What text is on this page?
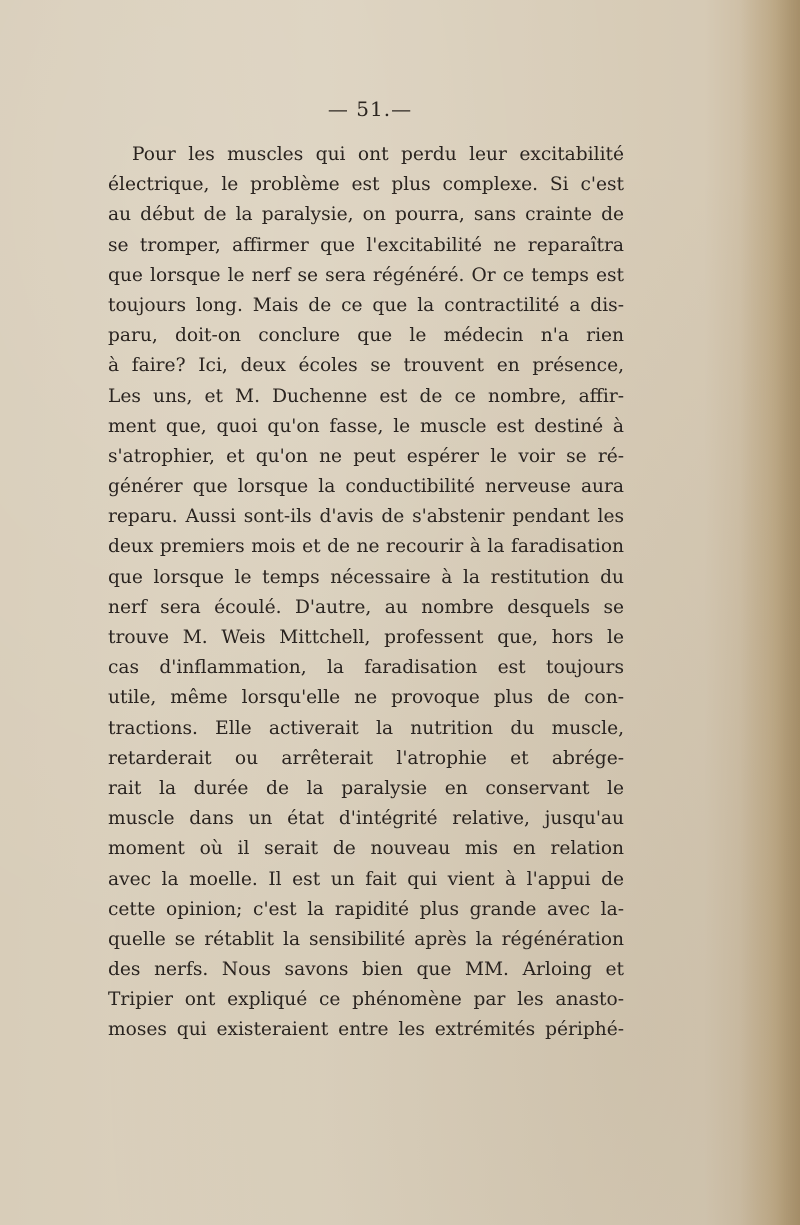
— 51.—
Pour les muscles qui ont perdu leur excitabilité
électrique, le problème est plus complexe. Si c'est
au début de la paralysie, on pourra, sans crainte de
se tromper, affirmer que l'excitabilité ne reparaîtra
que lorsque le nerf se sera régénéré. Or ce temps est
toujours long. Mais de ce que la contractilité a dis-
paru, doit-on conclure que le médecin n'a rien
à faire? Ici, deux écoles se trouvent en présence,
Les uns, et M. Duchenne est de ce nombre, affir-
ment que, quoi qu'on fasse, le muscle est destiné à
s'atrophier, et qu'on ne peut espérer le voir se ré-
générer que lorsque la conductibilité nerveuse aura
reparu. Aussi sont-ils d'avis de s'abstenir pendant les
deux premiers mois et de ne recourir à la faradisation
que lorsque le temps nécessaire à la restitution du
nerf sera écoulé. D'autre, au nombre desquels se
trouve M. Weis Mittchell, professent que, hors le
cas d'inflammation, la faradisation est toujours
utile, même lorsqu'elle ne provoque plus de con-
tractions. Elle activerait la nutrition du muscle,
retarderait ou arrêterait l'atrophie et abrége-
rait la durée de la paralysie en conservant le
muscle dans un état d'intégrité relative, jusqu'au
moment où il serait de nouveau mis en relation
avec la moelle. Il est un fait qui vient à l'appui de
cette opinion; c'est la rapidité plus grande avec la-
quelle se rétablit la sensibilité après la régénération
des nerfs. Nous savons bien que MM. Arloing et
Tripier ont expliqué ce phénomène par les anasto-
moses qui existeraient entre les extrémités périphé-
